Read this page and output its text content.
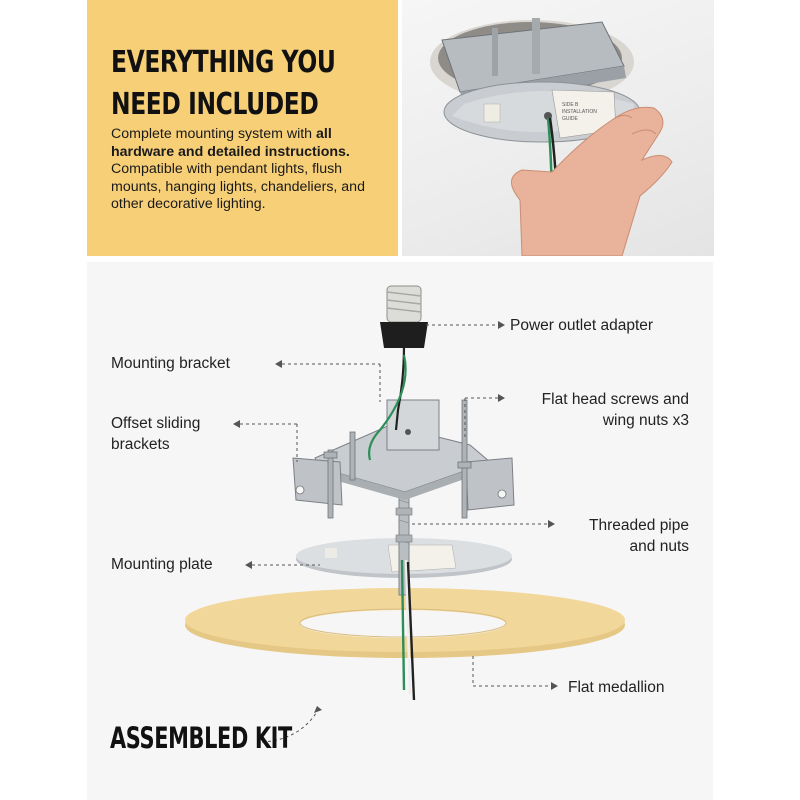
EVERYTHING YOU
NEED INCLUDED
Complete mounting system with all hardware and detailed instructions. Compatible with pendant lights, flush mounts, hanging lights, chandeliers, and other decorative lighting.
SIDE B
INSTALLATION
GUIDE
Power outlet adapter
Mounting bracket
Flat head screws and
wing nuts x3
Offset sliding
brackets
Threaded pipe
and nuts
Mounting plate
Flat medallion
ASSEMBLED KIT
